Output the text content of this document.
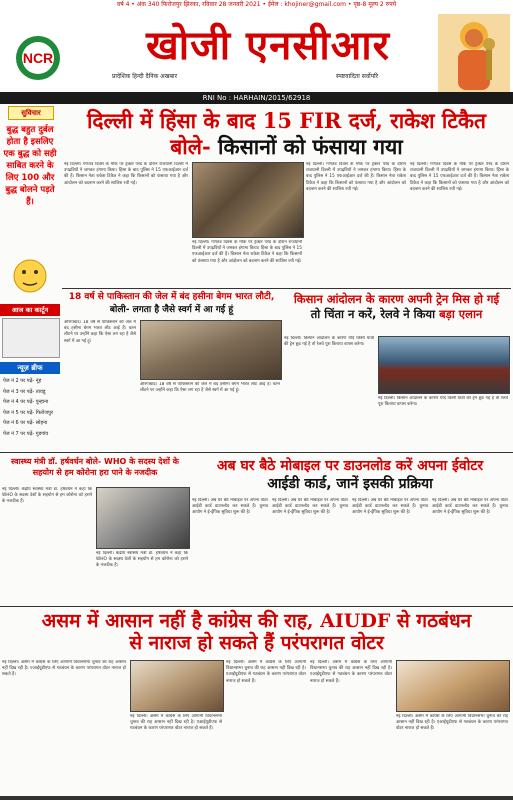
वर्ष 4 • अंक 340 फिरोजपुर झिरका, रविवार 28 जनवरी 2021 • ईमेल : khojiner@gmail.com • पृष्ठ-8 मूल्य 2 रुपये
NCR	खोजी एनसीआर
प्रादेशिक हिन्दी दैनिक अखबार	स्पष्टवादिता सर्वोपरि
RNI No : HARHAIN/2015/62918
सुविचार
बुद्ध बहुत दुर्बल होता है इसलिए एक बुद्ध को सही साबित करने के लिए 100 और बुद्ध बोलने पड़ते हैं।
आज का कार्टून
न्यूज़ ब्रीफ
पेज नं 2 पर पढ़ें- नूंह
पेज नं 3 पर पढ़ें- तावडू
पेज नं 4 पर पढ़ें- पुन्हाना
पेज नं 5 पर पढ़ें- फिरोजपुर
पेज नं 6 पर पढ़ें- सोहना
पेज नं 7 पर पढ़ें- गुडगांव
दिल्ली में हिंसा के बाद 15 FIR दर्ज, राकेश टिकैत
बोले- किसानों को फंसाया गया
नई दिल्ली। गणतंत्र दिवस के मौके पर ट्रैक्टर परेड के दौरान राजधानी दिल्ली में उपद्रवियों ने जमकर हंगामा किया। हिंसा के बाद पुलिस ने 15 एफआईआर दर्ज की हैं। किसान नेता राकेश टिकैत ने कहा कि किसानों को फंसाया गया है और आंदोलन को बदनाम करने की साजिश रची गई।
नई दिल्ली। गणतंत्र दिवस के मौके पर ट्रैक्टर परेड के दौरान राजधानी दिल्ली में उपद्रवियों ने जमकर हंगामा किया। हिंसा के बाद पुलिस ने 15 एफआईआर दर्ज की हैं। किसान नेता राकेश टिकैत ने कहा कि किसानों को फंसाया गया है और आंदोलन को बदनाम करने की साजिश रची गई।
नई दिल्ली। गणतंत्र दिवस के मौके पर ट्रैक्टर परेड के दौरान राजधानी दिल्ली में उपद्रवियों ने जमकर हंगामा किया। हिंसा के बाद पुलिस ने 15 एफआईआर दर्ज की हैं। किसान नेता राकेश टिकैत ने कहा कि किसानों को फंसाया गया है और आंदोलन को बदनाम करने की साजिश रची गई।
नई दिल्ली। गणतंत्र दिवस के मौके पर ट्रैक्टर परेड के दौरान राजधानी दिल्ली में उपद्रवियों ने जमकर हंगामा किया। हिंसा के बाद पुलिस ने 15 एफआईआर दर्ज की हैं। किसान नेता राकेश टिकैत ने कहा कि किसानों को फंसाया गया है और आंदोलन को बदनाम करने की साजिश रची गई।
18 वर्ष से पाकिस्तान की जेल में बंद हसीना बेगम भारत लौटी,
बोली- लगता है जैसे स्वर्ग में आ गई हूं
औरंगाबाद। 18 वर्ष से पाकिस्तान की जेल में बंद हसीना बेगम भारत लौट आई हैं। वतन लौटने पर उन्होंने कहा कि ऐसा लग रहा है जैसे स्वर्ग में आ गई हूं।
औरंगाबाद। 18 वर्ष से पाकिस्तान की जेल में बंद हसीना बेगम भारत लौट आई हैं। वतन लौटने पर उन्होंने कहा कि ऐसा लग रहा है जैसे स्वर्ग में आ गई हूं।
किसान आंदोलन के कारण अपनी ट्रेन मिस हो गई
तो चिंता न करें, रेलवे ने किया बड़ा एलान
नई दिल्ली। किसान आंदोलन के कारण यदि किसी यात्री की ट्रेन छूट गई है तो रेलवे पूरा किराया वापस करेगा।
नई दिल्ली। किसान आंदोलन के कारण यदि किसी यात्री की ट्रेन छूट गई है तो रेलवे पूरा किराया वापस करेगा।
स्वास्थ्य मंत्री डॉ. हर्षवर्धन बोले- WHO के सदस्य देशों के सहयोग से हम कोरोना हरा पाने के नजदीक
नई दिल्ली। केंद्रीय स्वास्थ्य मंत्री डॉ. हर्षवर्धन ने कहा कि WHO के सदस्य देशों के सहयोग से हम कोरोना को हराने के नजदीक हैं।
नई दिल्ली। केंद्रीय स्वास्थ्य मंत्री डॉ. हर्षवर्धन ने कहा कि WHO के सदस्य देशों के सहयोग से हम कोरोना को हराने के नजदीक हैं।
अब घर बैठे मोबाइल पर डाउनलोड करें अपना ईवोटर
आईडी कार्ड, जानें इसकी प्रक्रिया
नई दिल्ली। अब घर बैठे मोबाइल पर अपना वोटर आईडी कार्ड डाउनलोड कर सकते हैं। चुनाव आयोग ने ई-ईपिक सुविधा शुरू की है।
नई दिल्ली। अब घर बैठे मोबाइल पर अपना वोटर आईडी कार्ड डाउनलोड कर सकते हैं। चुनाव आयोग ने ई-ईपिक सुविधा शुरू की है।
नई दिल्ली। अब घर बैठे मोबाइल पर अपना वोटर आईडी कार्ड डाउनलोड कर सकते हैं। चुनाव आयोग ने ई-ईपिक सुविधा शुरू की है।
नई दिल्ली। अब घर बैठे मोबाइल पर अपना वोटर आईडी कार्ड डाउनलोड कर सकते हैं। चुनाव आयोग ने ई-ईपिक सुविधा शुरू की है।
असम में आसान नहीं है कांग्रेस की राह, AIUDF से गठबंधन
से नाराज हो सकते हैं परंपरागत वोटर
नई दिल्ली। असम में कांग्रेस के लिए आगामी विधानसभा चुनाव की राह आसान नहीं दिख रही है। एआईयूडीएफ से गठबंधन के कारण परंपरागत वोटर नाराज हो सकते हैं।
नई दिल्ली। असम में कांग्रेस के लिए आगामी विधानसभा चुनाव की राह आसान नहीं दिख रही है। एआईयूडीएफ से गठबंधन के कारण परंपरागत वोटर नाराज हो सकते हैं।
नई दिल्ली। असम में कांग्रेस के लिए आगामी विधानसभा चुनाव की राह आसान नहीं दिख रही है। एआईयूडीएफ से गठबंधन के कारण परंपरागत वोटर नाराज हो सकते हैं।
नई दिल्ली। असम में कांग्रेस के लिए आगामी विधानसभा चुनाव की राह आसान नहीं दिख रही है। एआईयूडीएफ से गठबंधन के कारण परंपरागत वोटर नाराज हो सकते हैं।
नई दिल्ली। असम में कांग्रेस के लिए आगामी विधानसभा चुनाव की राह आसान नहीं दिख रही है। एआईयूडीएफ से गठबंधन के कारण परंपरागत वोटर नाराज हो सकते हैं।
